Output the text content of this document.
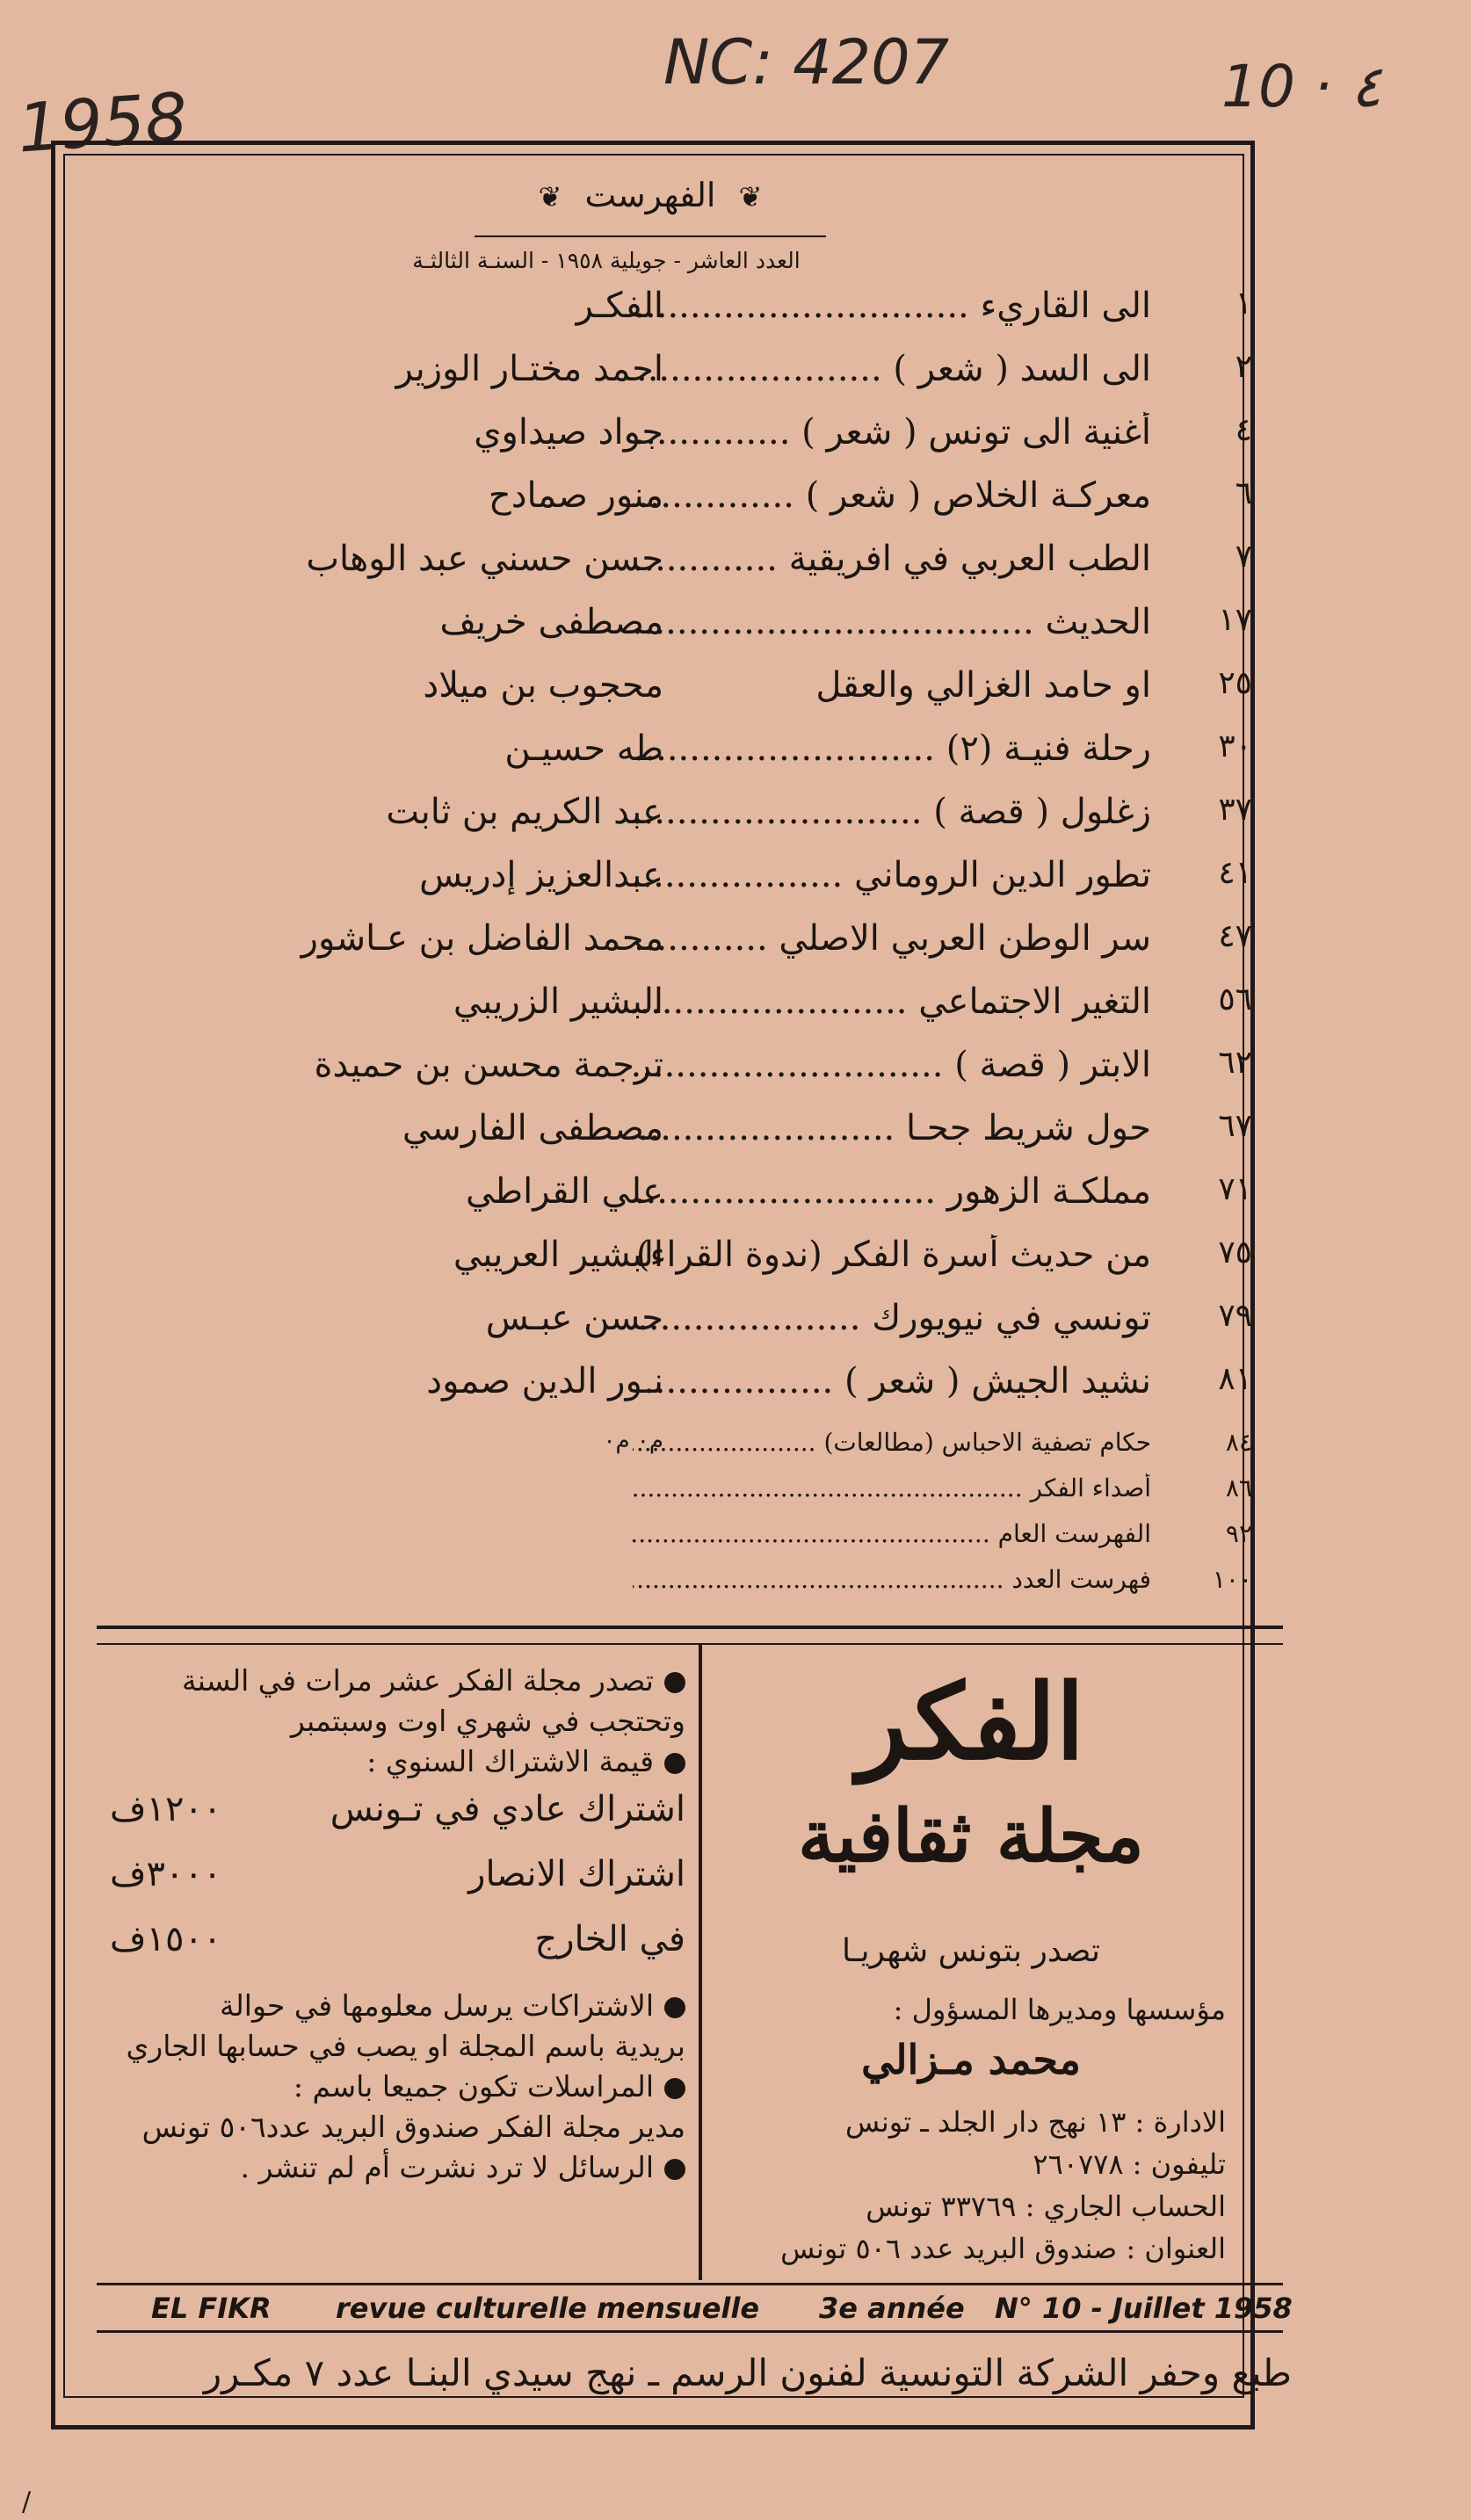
1958
NC: 4207	10 · ٤
❦ الفهرست ❦
العدد العاشر - جويلية ١٩٥٨ - السنـة الثالثـة
١
الى القاريء .....
الفكـر
٢
الى السد ( شعر ) .....
احمد مختـار الوزير
٤
أغنية الى تونس ( شعر ) .....
جواد صيداوي
٦
معركـة الخلاص ( شعر ) .....
منور صمادح
٧
الطب العربي في افريقية .....
حسن حسني عبد الوهاب
١٧
الحديث .....
مصطفى خريف
٢٥
او حامد الغزالي والعقل
محجوب بن ميلاد
٣٠
رحلة فنيـة (٢) .....
طه حسيـن
٣٧
زغلول ( قصة ) .....
عبد الكريم بن ثابت
٤١
تطور الدين الروماني .....
عبدالعزيز إدريس
٤٧
سر الوطن العربي الاصلي .....
محمد الفاضل بن عـاشور
٥٦
التغير الاجتماعي .....
البشير الزريبي
٦٢
الابتر ( قصة ) .....
ترجمة محسن بن حميدة
٦٧
حول شريط جحـا .....
مصطفى الفارسي
٧١
مملكـة الزهور .....
علي القراطي
٧٥
من حديث أسرة الفكر (ندوة القراء)
البشير العريبي
٧٩
تونسي في نيويورك .....
حسن عبـس
٨١
نشيد الجيش ( شعر ) .....
نـور الدين صمود
٨٤
حكام تصفية الاحباس (مطالعات) .....
م٠ م٠
٨٦
أصداء الفكر .....
٩٢
الفهرست العام .....
١٠٠
فهرست العدد .....
تصدر مجلة الفكر عشر مرات في السنة
وتحتجب في شهري اوت وسبتمبر
قيمة الاشتراك السنوي :
اشتراك عادي في تـونس
١٢٠٠ف
اشتراك الانصار
٣٠٠٠ف
في الخارج
١٥٠٠ف
الاشتراكات يرسل معلومها في حوالة
بريدية باسم المجلة او يصب في حسابها الجاري
المراسلات تكون جميعا باسم :
مدير مجلة الفكر صندوق البريد عدد٥٠٦ تونس
الرسائل لا ترد نشرت أم لم تنشر .
الفكر
مجلة ثقافية
تصدر بتونس شهريـا
مؤسسها ومديرها المسؤول :
محمد مـزالي
الادارة : ١٣ نهج دار الجلد ـ تونس
تليفون : ٢٦٠٧٧٨
الحساب الجاري : ٣٣٧٦٩ تونس
العنوان : صندوق البريد عدد ٥٠٦ تونس
EL FIKR revue culturelle mensuelle 3e année N° 10 - Juillet 1958
طبع وحفر الشركة التونسية لفنون الرسم ـ نهج سيدي البنـا عدد ٧ مكـرر
/
